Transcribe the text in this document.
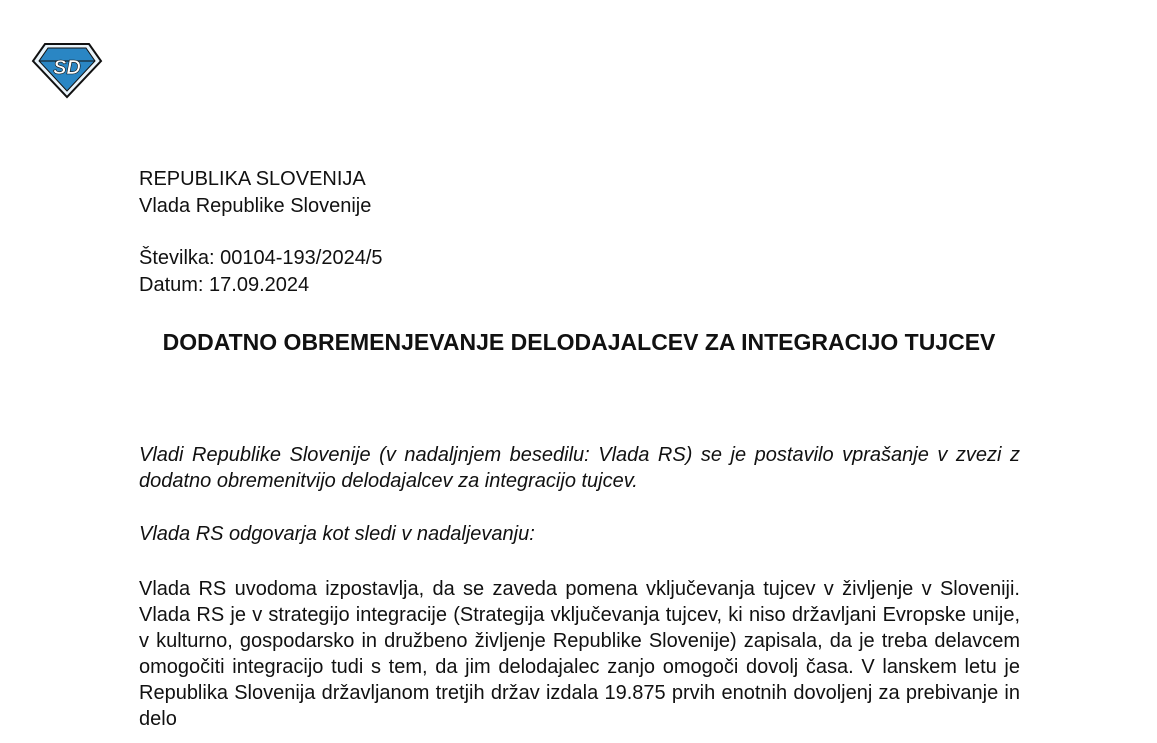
SD
REPUBLIKA SLOVENIJA
Vlada Republike Slovenije
Številka: 00104-193/2024/5
Datum: 17.09.2024
DODATNO OBREMENJEVANJE DELODAJALCEV ZA INTEGRACIJO TUJCEV
Vladi Republike Slovenije (v nadaljnjem besedilu: Vlada RS) se je postavilo vprašanje v zvezi z dodatno obremenitvijo delodajalcev za integracijo tujcev.
Vlada RS odgovarja kot sledi v nadaljevanju:
Vlada RS uvodoma izpostavlja, da se zaveda pomena vključevanja tujcev v življenje v Sloveniji. Vlada RS je v strategijo integracije (Strategija vključevanja tujcev, ki niso državljani Evropske unije, v kulturno, gospodarsko in družbeno življenje Republike Slovenije) zapisala, da je treba delavcem omogočiti integracijo tudi s tem, da jim delodajalec zanjo omogoči dovolj časa. V lanskem letu je Republika Slovenija državljanom tretjih držav izdala 19.875 prvih enotnih dovoljenj za prebivanje in delo
